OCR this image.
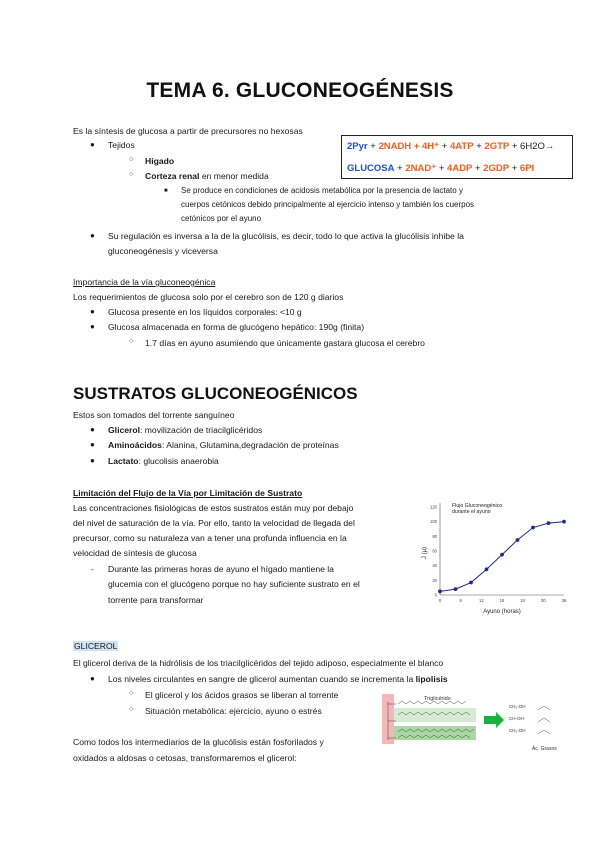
TEMA 6. GLUCONEOGÉNESIS
Es la síntesis de glucosa a partir de precursores no hexosas
● Tejidos
○ Hígado
○ Corteza renal en menor medida
■ Se produce en condiciones de acidosis metabólica por la presencia de lactato y
cuerpos cetónicos debido principalmente al ejercicio intenso y también los cuerpos
cetónicos por el ayuno
● Su regulación es inversa a la de la glucólisis, es decir, todo lo que activa la glucólisis inhibe la
gluconeogénesis y viceversa
2Pyr + 2NADH + 4H⁺ + 4ATP + 2GTP + 6H2O→
GLUCOSA + 2NAD⁺ + 4ADP + 2GDP + 6PI
Importancia de la vía gluconeogénica
Los requerimientos de glucosa solo por el cerebro son de 120 g diarios
● Glucosa presente en los líquidos corporales: <10 g
● Glucosa almacenada en forma de glucógeno hepático: 190g (finita)
○ 1.7 días en ayuno asumiendo que únicamente gastara glucosa el cerebro
SUSTRATOS GLUCONEOGÉNICOS
Estos son tomados del torrente sanguíneo
● Glicerol: movilización de triacilglicéridos
● Aminoácidos: Alanina, Glutamina,degradación de proteínas
● Lactato: glucolisis anaerobia
Limitación del Flujo de la Vía por Limitación de Sustrato
Las concentraciones fisiológicas de estos sustratos están muy por debajo
del nivel de saturación de la vía. Por ello, tanto la velocidad de llegada del
precursor, como su naturaleza van a tener una profunda influencia en la
velocidad de síntesis de glucosa
- Durante las primeras horas de ayuno el hígado mantiene la
glucemia con el glucógeno porque no hay suficiente sustrato en el
torrente para transformar
Flujo Gluconeogénico
durante el ayuno
J (μ)
Ayuno (horas)
0	6	12	18	24	30	36
0
20
40
60
80
100
120
GLICEROL
El glicerol deriva de la hidrólisis de los triacilglicéridos del tejido adiposo, especialmente el blanco
● Los niveles circulantes en sangre de glicerol aumentan cuando se incrementa la lipolisis
○ El glicerol y los ácidos grasos se liberan al torrente
○ Situación metabólica: ejercicio, ayuno o estrés
Como todos los intermediarios de la glucólisis están fosforilados y
oxidados a aldosas o cetosas, transformaremos el glicerol:
Triglicérido
CH₂-OH
CH-OH
CH₂-OH
Ác. Grasos
